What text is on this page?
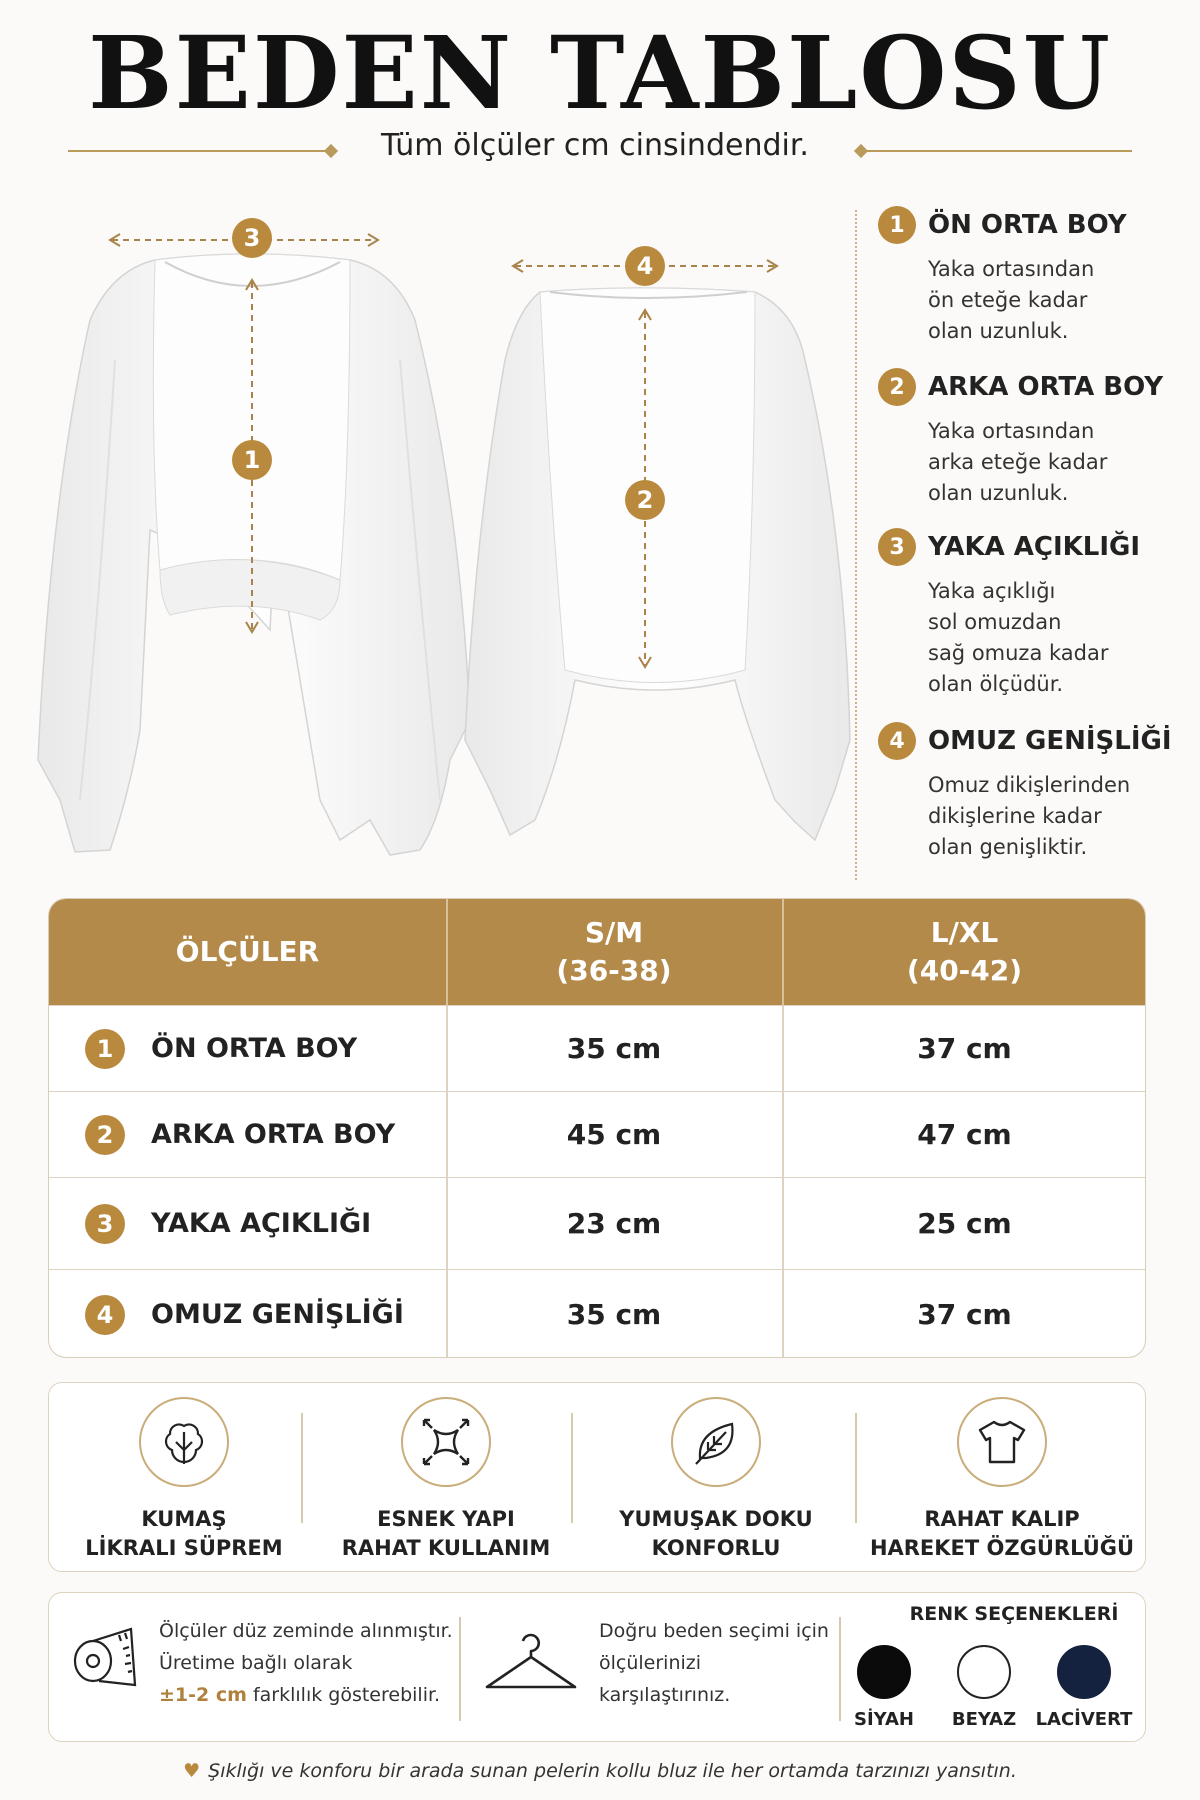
BEDEN TABLOSU
Tüm ölçüler cm cinsindendir.
3
1
4
2
1 ÖN ORTA BOY
Yaka ortasından
ön eteğe kadar
olan uzunluk.
2 ARKA ORTA BOY
Yaka ortasından
arka eteğe kadar
olan uzunluk.
3 YAKA AÇIKLIĞI
Yaka açıklığı
sol omuzdan
sağ omuza kadar
olan ölçüdür.
4 OMUZ GENİŞLİĞİ
Omuz dikişlerinden
dikişlerine kadar
olan genişliktir.
ÖLÇÜLER
S/M
(36-38)
L/XL
(40-42)
1	ÖN ORTA BOY	35 cm	37 cm
2	ARKA ORTA BOY	45 cm	47 cm
3	YAKA AÇIKLIĞI	23 cm	25 cm
4	OMUZ GENİŞLİĞİ	35 cm	37 cm
KUMAŞ
LİKRALI SÜPREM
ESNEK YAPI
RAHAT KULLANIM
YUMUŞAK DOKU
KONFORLU
RAHAT KALIP
HAREKET ÖZGÜRLÜĞÜ
Ölçüler düz zeminde alınmıştır.
Üretime bağlı olarak
±1-2 cm farklılık gösterebilir.
Doğru beden seçimi için
ölçülerinizi
karşılaştırınız.
RENK SEÇENEKLERİ
SİYAH	BEYAZ	LACİVERT
♥ Şıklığı ve konforu bir arada sunan pelerin kollu bluz ile her ortamda tarzınızı yansıtın.
